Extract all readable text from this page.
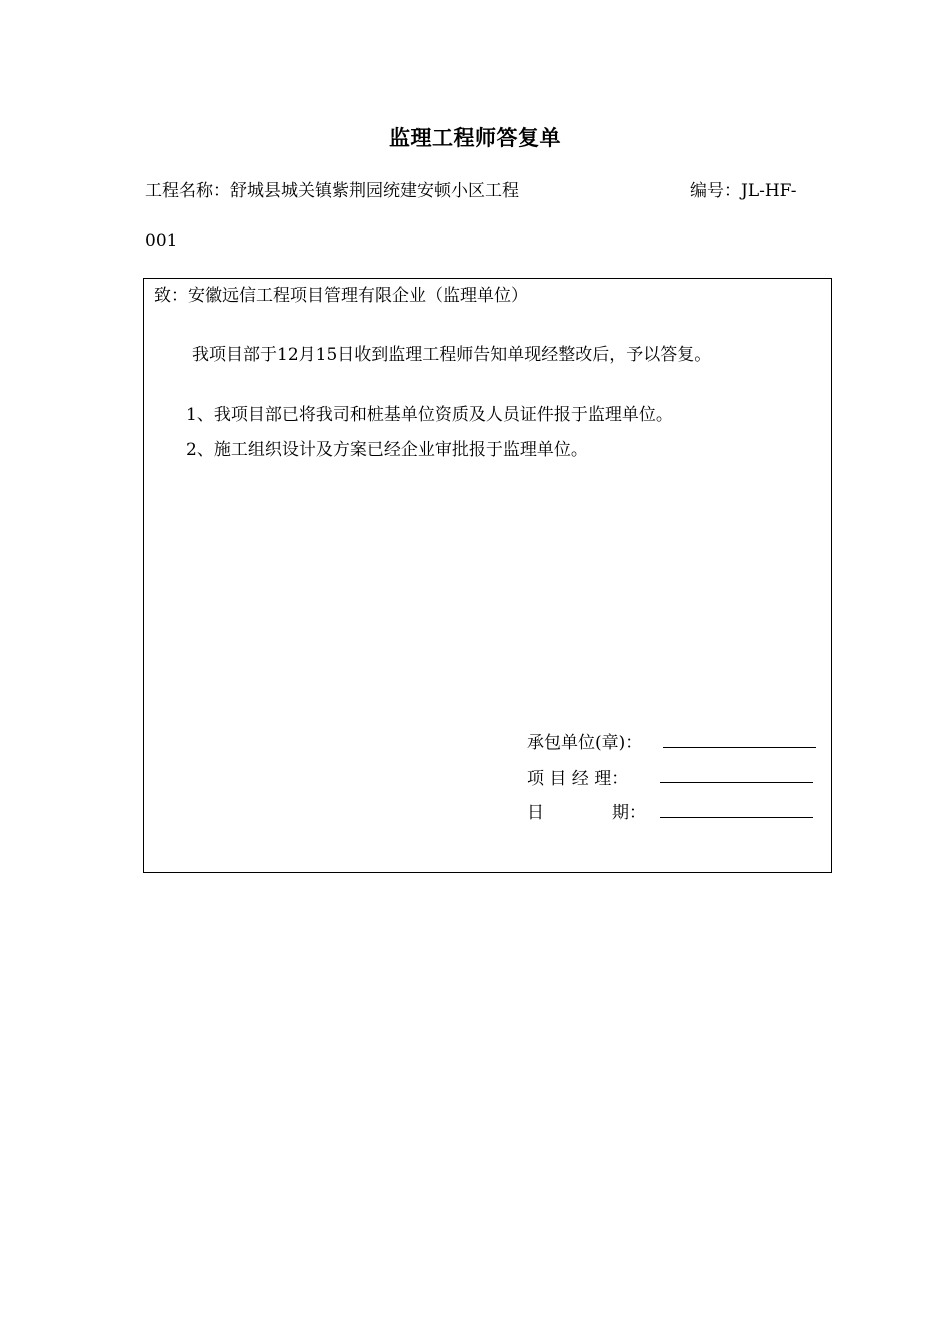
监理工程师答复单
工程名称：舒城县城关镇紫荆园统建安顿小区工程	编号：JL-HF-
001
致：安徽远信工程项目管理有限企业（监理单位）
我项目部于12月15日收到监理工程师告知单现经整改后，予以答复。
1、我项目部已将我司和桩基单位资质及人员证件报于监理单位。
2、施工组织设计及方案已经企业审批报于监理单位。
承包单位(章)：
项 目 经 理：
日	期：
